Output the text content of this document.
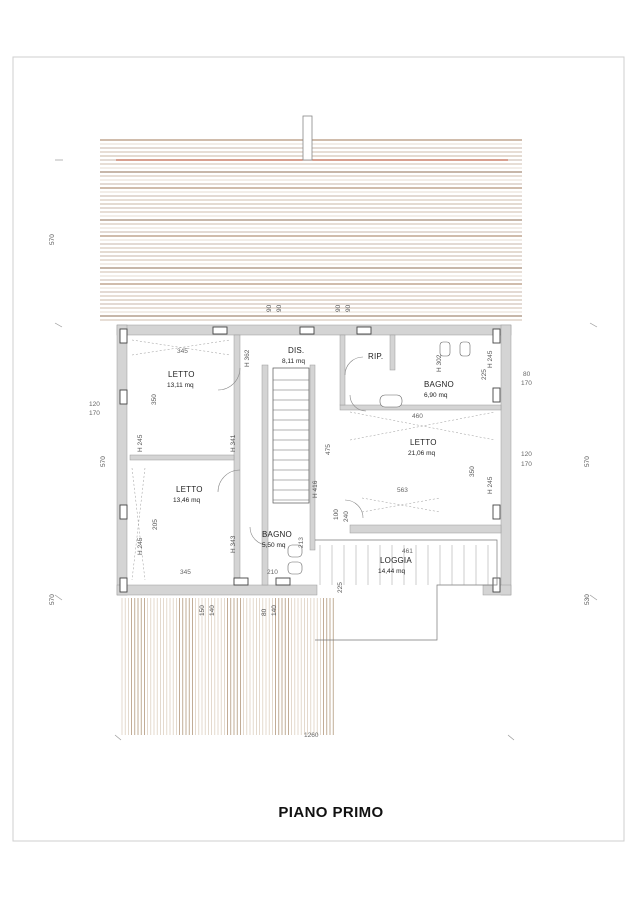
LETTO
13,11 mq
DIS.
8,11 mq
RIP.
BAGNO
6,90 mq
LETTO
21,06 mq
LETTO
13,46 mq
BAGNO
5,50 mq
LOGGIA
14,44 mq
H 362	H 302	H 245
H 245	H 341
H 416	H 245
H 245	H 343
345
460
563
345	210
461
1260
213
350
570
475
350
570
205
225
225
570
570	530
90 90	90 90
120
170
80
170
120
170
150 140	80 140
100 240
PIANO PRIMO
